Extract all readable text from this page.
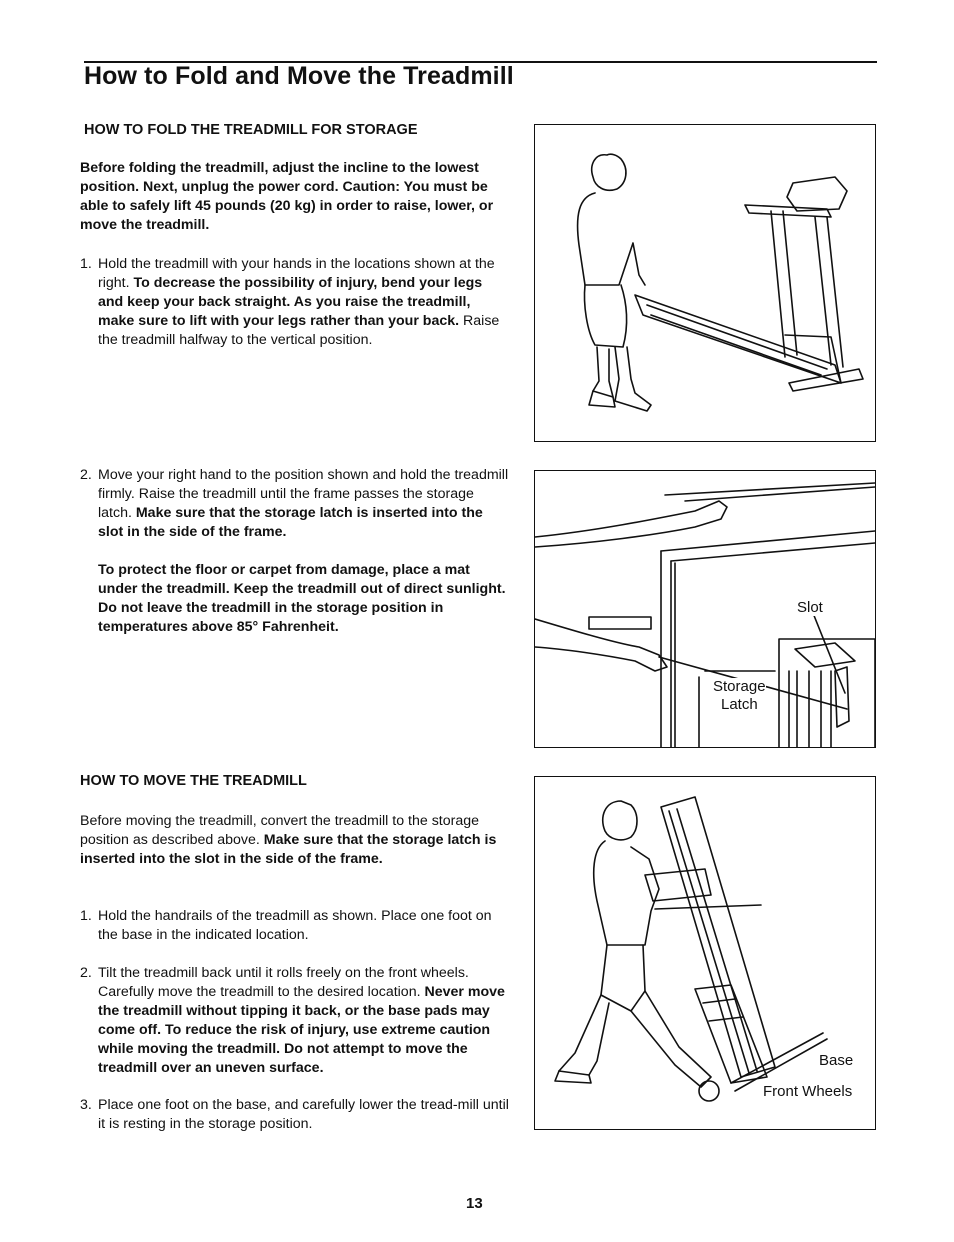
How to Fold and Move the Treadmill
HOW TO FOLD THE TREADMILL FOR STORAGE

Before folding the treadmill, adjust the incline to the lowest position. Next, unplug the power cord. Caution: You must be able to safely lift 45 pounds (20 kg) in order to raise, lower, or move the treadmill.

1. Hold the treadmill with your hands in the locations shown at the right. To decrease the possibility of injury, bend your legs and keep your back straight. As you raise the treadmill, make sure to lift with your legs rather than your back. Raise the treadmill halfway to the vertical position.
2. Move your right hand to the position shown and hold the treadmill firmly. Raise the treadmill until the frame passes the storage latch. Make sure that the storage latch is inserted into the slot in the side of the frame.

To protect the floor or carpet from damage, place a mat under the treadmill. Keep the treadmill out of direct sunlight. Do not leave the treadmill in the storage position in temperatures above 85° Fahrenheit.

HOW TO MOVE THE TREADMILL

Before moving the treadmill, convert the treadmill to the storage position as described above. Make sure that the storage latch is inserted into the slot in the side of the frame.

1. Hold the handrails of the treadmill as shown. Place one foot on the base in the indicated location.
2. Tilt the treadmill back until it rolls freely on the front wheels. Carefully move the treadmill to the desired location. Never move the treadmill without tipping it back, or the base pads may come off. To reduce the risk of injury, use extreme caution while moving the treadmill. Do not attempt to move the treadmill over an uneven surface.
3. Place one foot on the base, and carefully lower the tread-mill until it is resting in the storage position.
Slot
Storage
Latch
Base
Front Wheels
13
